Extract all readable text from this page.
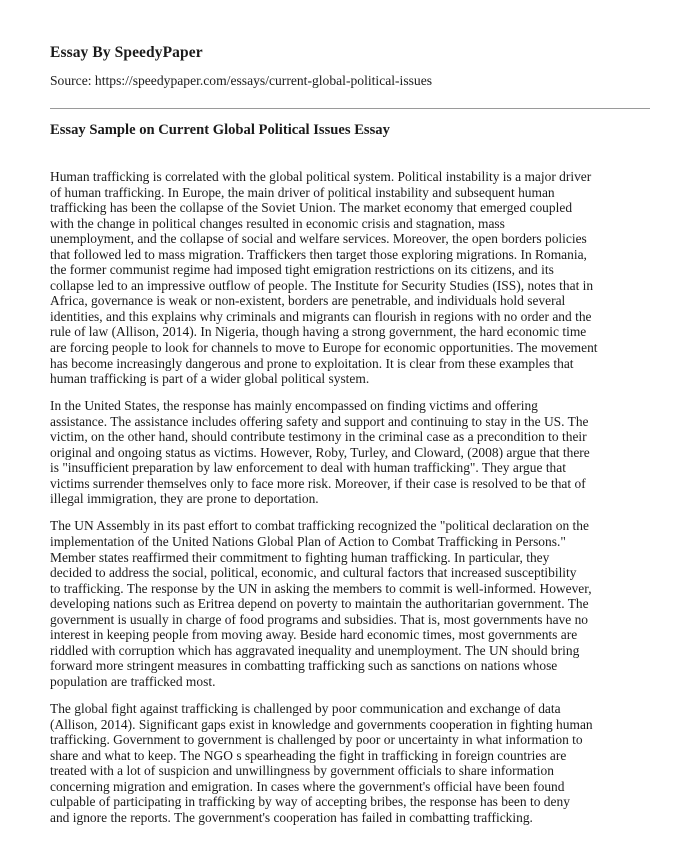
Essay By SpeedyPaper
Source: https://speedypaper.com/essays/current-global-political-issues
Essay Sample on Current Global Political Issues Essay

Human trafficking is correlated with the global political system. Political instability is a major driver
of human trafficking. In Europe, the main driver of political instability and subsequent human
trafficking has been the collapse of the Soviet Union. The market economy that emerged coupled
with the change in political changes resulted in economic crisis and stagnation, mass
unemployment, and the collapse of social and welfare services. Moreover, the open borders policies
that followed led to mass migration. Traffickers then target those exploring migrations. In Romania,
the former communist regime had imposed tight emigration restrictions on its citizens, and its
collapse led to an impressive outflow of people. The Institute for Security Studies (ISS), notes that in
Africa, governance is weak or non-existent, borders are penetrable, and individuals hold several
identities, and this explains why criminals and migrants can flourish in regions with no order and the
rule of law (Allison, 2014). In Nigeria, though having a strong government, the hard economic time
are forcing people to look for channels to move to Europe for economic opportunities. The movement
has become increasingly dangerous and prone to exploitation. It is clear from these examples that
human trafficking is part of a wider global political system.

In the United States, the response has mainly encompassed on finding victims and offering
assistance. The assistance includes offering safety and support and continuing to stay in the US. The
victim, on the other hand, should contribute testimony in the criminal case as a precondition to their
original and ongoing status as victims. However, Roby, Turley, and Cloward, (2008) argue that there
is "insufficient preparation by law enforcement to deal with human trafficking". They argue that
victims surrender themselves only to face more risk. Moreover, if their case is resolved to be that of
illegal immigration, they are prone to deportation.

The UN Assembly in its past effort to combat trafficking recognized the "political declaration on the
implementation of the United Nations Global Plan of Action to Combat Trafficking in Persons."
Member states reaffirmed their commitment to fighting human trafficking. In particular, they
decided to address the social, political, economic, and cultural factors that increased susceptibility
to trafficking. The response by the UN in asking the members to commit is well-informed. However,
developing nations such as Eritrea depend on poverty to maintain the authoritarian government. The
government is usually in charge of food programs and subsidies. That is, most governments have no
interest in keeping people from moving away. Beside hard economic times, most governments are
riddled with corruption which has aggravated inequality and unemployment. The UN should bring
forward more stringent measures in combatting trafficking such as sanctions on nations whose
population are trafficked most.

The global fight against trafficking is challenged by poor communication and exchange of data
(Allison, 2014). Significant gaps exist in knowledge and governments cooperation in fighting human
trafficking. Government to government is challenged by poor or uncertainty in what information to
share and what to keep. The NGO s spearheading the fight in trafficking in foreign countries are
treated with a lot of suspicion and unwillingness by government officials to share information
concerning migration and emigration. In cases where the government's official have been found
culpable of participating in trafficking by way of accepting bribes, the response has been to deny
and ignore the reports. The government's cooperation has failed in combatting trafficking.
